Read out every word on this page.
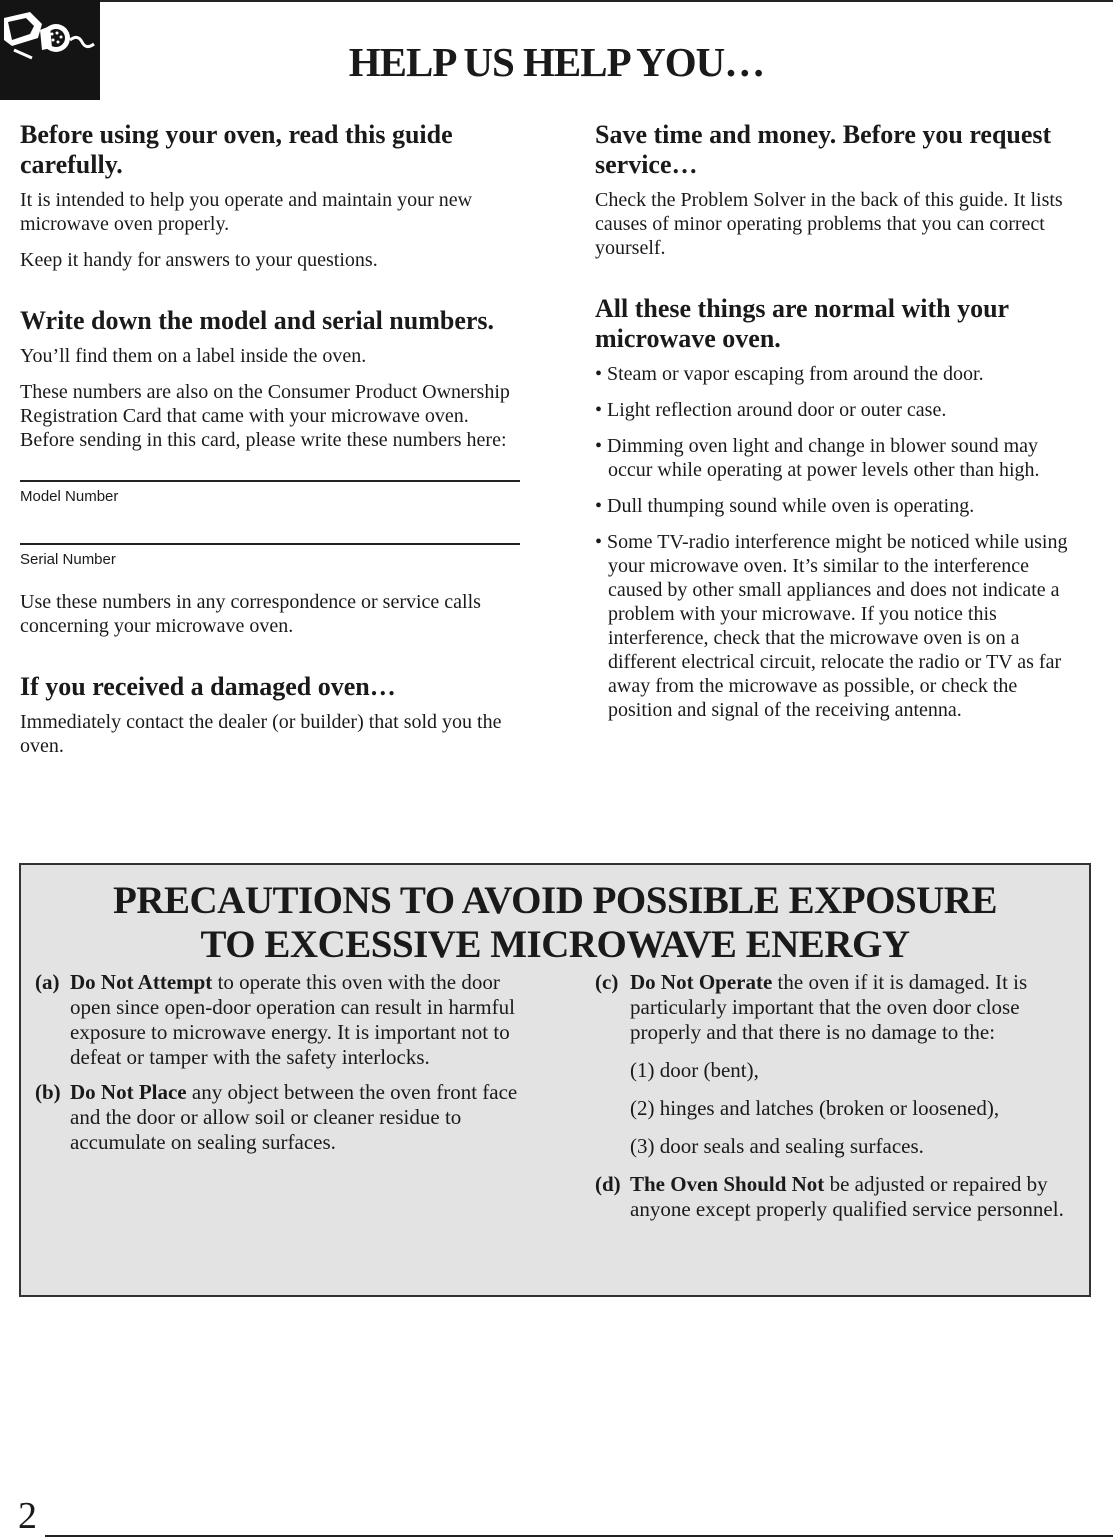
HELP US HELP YOU…
Before using your oven, read this guide carefully.

It is intended to help you operate and maintain your new microwave oven properly.

Keep it handy for answers to your questions.

Write down the model and serial numbers.

You’ll find them on a label inside the oven.

These numbers are also on the Consumer Product Ownership Registration Card that came with your microwave oven. Before sending in this card, please write these numbers here:

Model Number
Serial Number

Use these numbers in any correspondence or service calls concerning your microwave oven.

If you received a damaged oven…

Immediately contact the dealer (or builder) that sold you the oven.

Save time and money. Before you request service…

Check the Problem Solver in the back of this guide. It lists causes of minor operating problems that you can correct yourself.

All these things are normal with your microwave oven.
• Steam or vapor escaping from around the door.
• Light reflection around door or outer case.
• Dimming oven light and change in blower sound may occur while operating at power levels other than high.
• Dull thumping sound while oven is operating.
• Some TV-radio interference might be noticed while using your microwave oven. It’s similar to the interference caused by other small appliances and does not indicate a problem with your microwave. If you notice this interference, check that the microwave oven is on a different electrical circuit, relocate the radio or TV as far away from the microwave as possible, or check the position and signal of the receiving antenna.
PRECAUTIONS TO AVOID POSSIBLE EXPOSURE
TO EXCESSIVE MICROWAVE ENERGY
(a) Do Not Attempt to operate this oven with the door open since open-door operation can result in harmful exposure to microwave energy. It is important not to defeat or tamper with the safety interlocks.
(b) Do Not Place any object between the oven front face and the door or allow soil or cleaner residue to accumulate on sealing surfaces.
(c) Do Not Operate the oven if it is damaged. It is particularly important that the oven door close properly and that there is no damage to the:
(1) door (bent),
(2) hinges and latches (broken or loosened),
(3) door seals and sealing surfaces.
(d) The Oven Should Not be adjusted or repaired by anyone except properly qualified service personnel.
2
